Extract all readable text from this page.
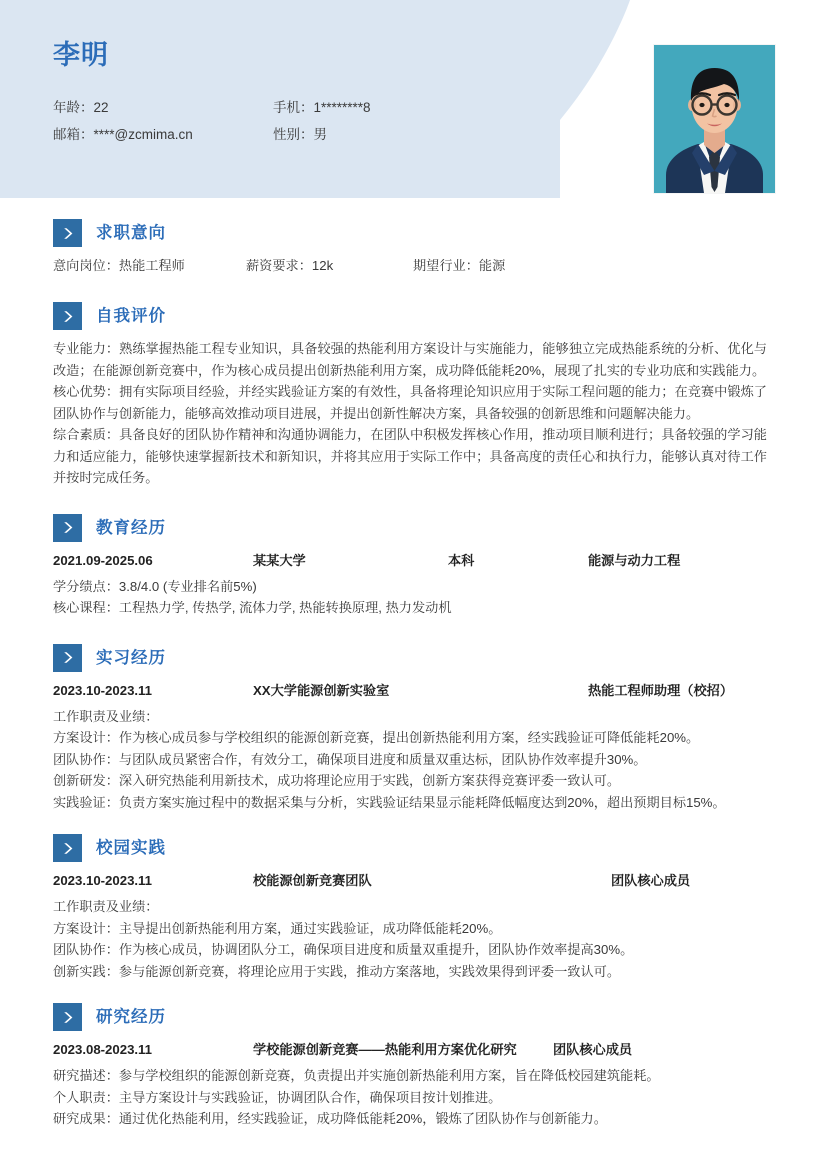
李明
年龄：22	手机：1********8
邮箱：****@zcmima.cn	性别：男
求职意向
意向岗位：热能工程师	薪资要求：12k	期望行业：能源
自我评价

专业能力：熟练掌握热能工程专业知识，具备较强的热能利用方案设计与实施能力，能够独立完成热能系统的分析、优化与改造；在能源创新竞赛中，作为核心成员提出创新热能利用方案，成功降低能耗20%，展现了扎实的专业功底和实践能力。

核心优势：拥有实际项目经验，并经实践验证方案的有效性，具备将理论知识应用于实际工程问题的能力；在竞赛中锻炼了团队协作与创新能力，能够高效推动项目进展，并提出创新性解决方案，具备较强的创新思维和问题解决能力。

综合素质：具备良好的团队协作精神和沟通协调能力，在团队中积极发挥核心作用，推动项目顺利进行；具备较强的学习能力和适应能力，能够快速掌握新技术和新知识，并将其应用于实际工作中；具备高度的责任心和执行力，能够认真对待工作并按时完成任务。

教育经历
2021.09-2025.06	某某大学	本科	能源与动力工程

学分绩点：3.8/4.0 (专业排名前5%)

核心课程：工程热力学, 传热学, 流体力学, 热能转换原理, 热力发动机

实习经历
2023.10-2023.11	XX大学能源创新实验室	热能工程师助理（校招）

工作职责及业绩：

方案设计：作为核心成员参与学校组织的能源创新竞赛，提出创新热能利用方案，经实践验证可降低能耗20%。

团队协作：与团队成员紧密合作，有效分工，确保项目进度和质量双重达标，团队协作效率提升30%。

创新研发：深入研究热能利用新技术，成功将理论应用于实践，创新方案获得竞赛评委一致认可。

实践验证：负责方案实施过程中的数据采集与分析，实践验证结果显示能耗降低幅度达到20%，超出预期目标15%。

校园实践
2023.10-2023.11	校能源创新竞赛团队	团队核心成员

工作职责及业绩：

方案设计：主导提出创新热能利用方案，通过实践验证，成功降低能耗20%。

团队协作：作为核心成员，协调团队分工，确保项目进度和质量双重提升，团队协作效率提高30%。

创新实践：参与能源创新竞赛，将理论应用于实践，推动方案落地，实践效果得到评委一致认可。

研究经历
2023.08-2023.11	学校能源创新竞赛——热能利用方案优化研究	团队核心成员

研究描述：参与学校组织的能源创新竞赛，负责提出并实施创新热能利用方案，旨在降低校园建筑能耗。

个人职责：主导方案设计与实践验证，协调团队合作，确保项目按计划推进。

研究成果：通过优化热能利用，经实践验证，成功降低能耗20%，锻炼了团队协作与创新能力。
